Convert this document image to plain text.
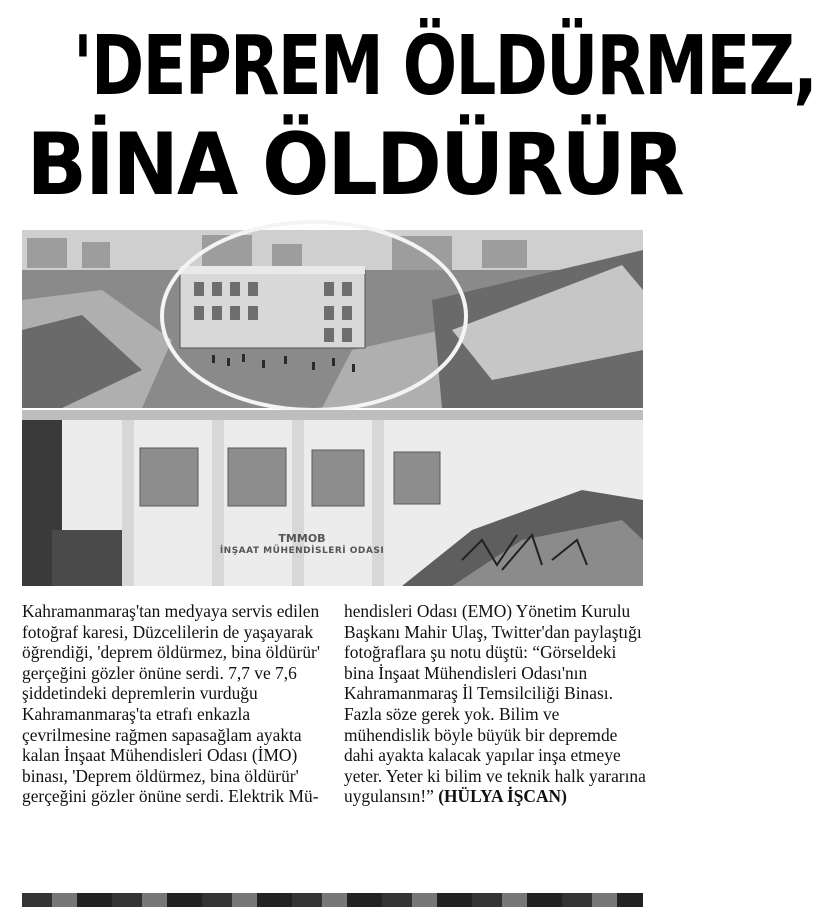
'DEPREM ÖLDÜRMEZ,
BİNA ÖLDÜRÜR
TMMOB
İNŞAAT MÜHENDİSLERİ ODASI

Kahramanmaraş'tan medyaya servis edilen fotoğraf karesi, Düzcelilerin de yaşayarak öğrendiği, 'deprem öldürmez, bina öldürür' gerçeğini gözler önüne serdi. 7,7 ve 7,6 şiddetindeki depremlerin vurduğu Kahramanmaraş'ta etrafı enkazla çevrilmesine rağmen sapasağlam ayakta kalan İnşaat Mühendisleri Odası (İMO) binası, 'Deprem öldürmez, bina öldürür' gerçeğini gözler önüne serdi. Elektrik Mü-

hendisleri Odası (EMO) Yönetim Kurulu Başkanı Mahir Ulaş, Twitter'dan paylaştığı fotoğraflara şu notu düştü: “Görseldeki bina İnşaat Mühendisleri Odası'nın Kahramanmaraş İl Temsilciliği Binası. Fazla söze gerek yok. Bilim ve mühendislik böyle büyük bir depremde dahi ayakta kalacak yapılar inşa etmeye yeter. Yeter ki bilim ve teknik halk yararına uygulansın!” (HÜLYA İŞCAN)
